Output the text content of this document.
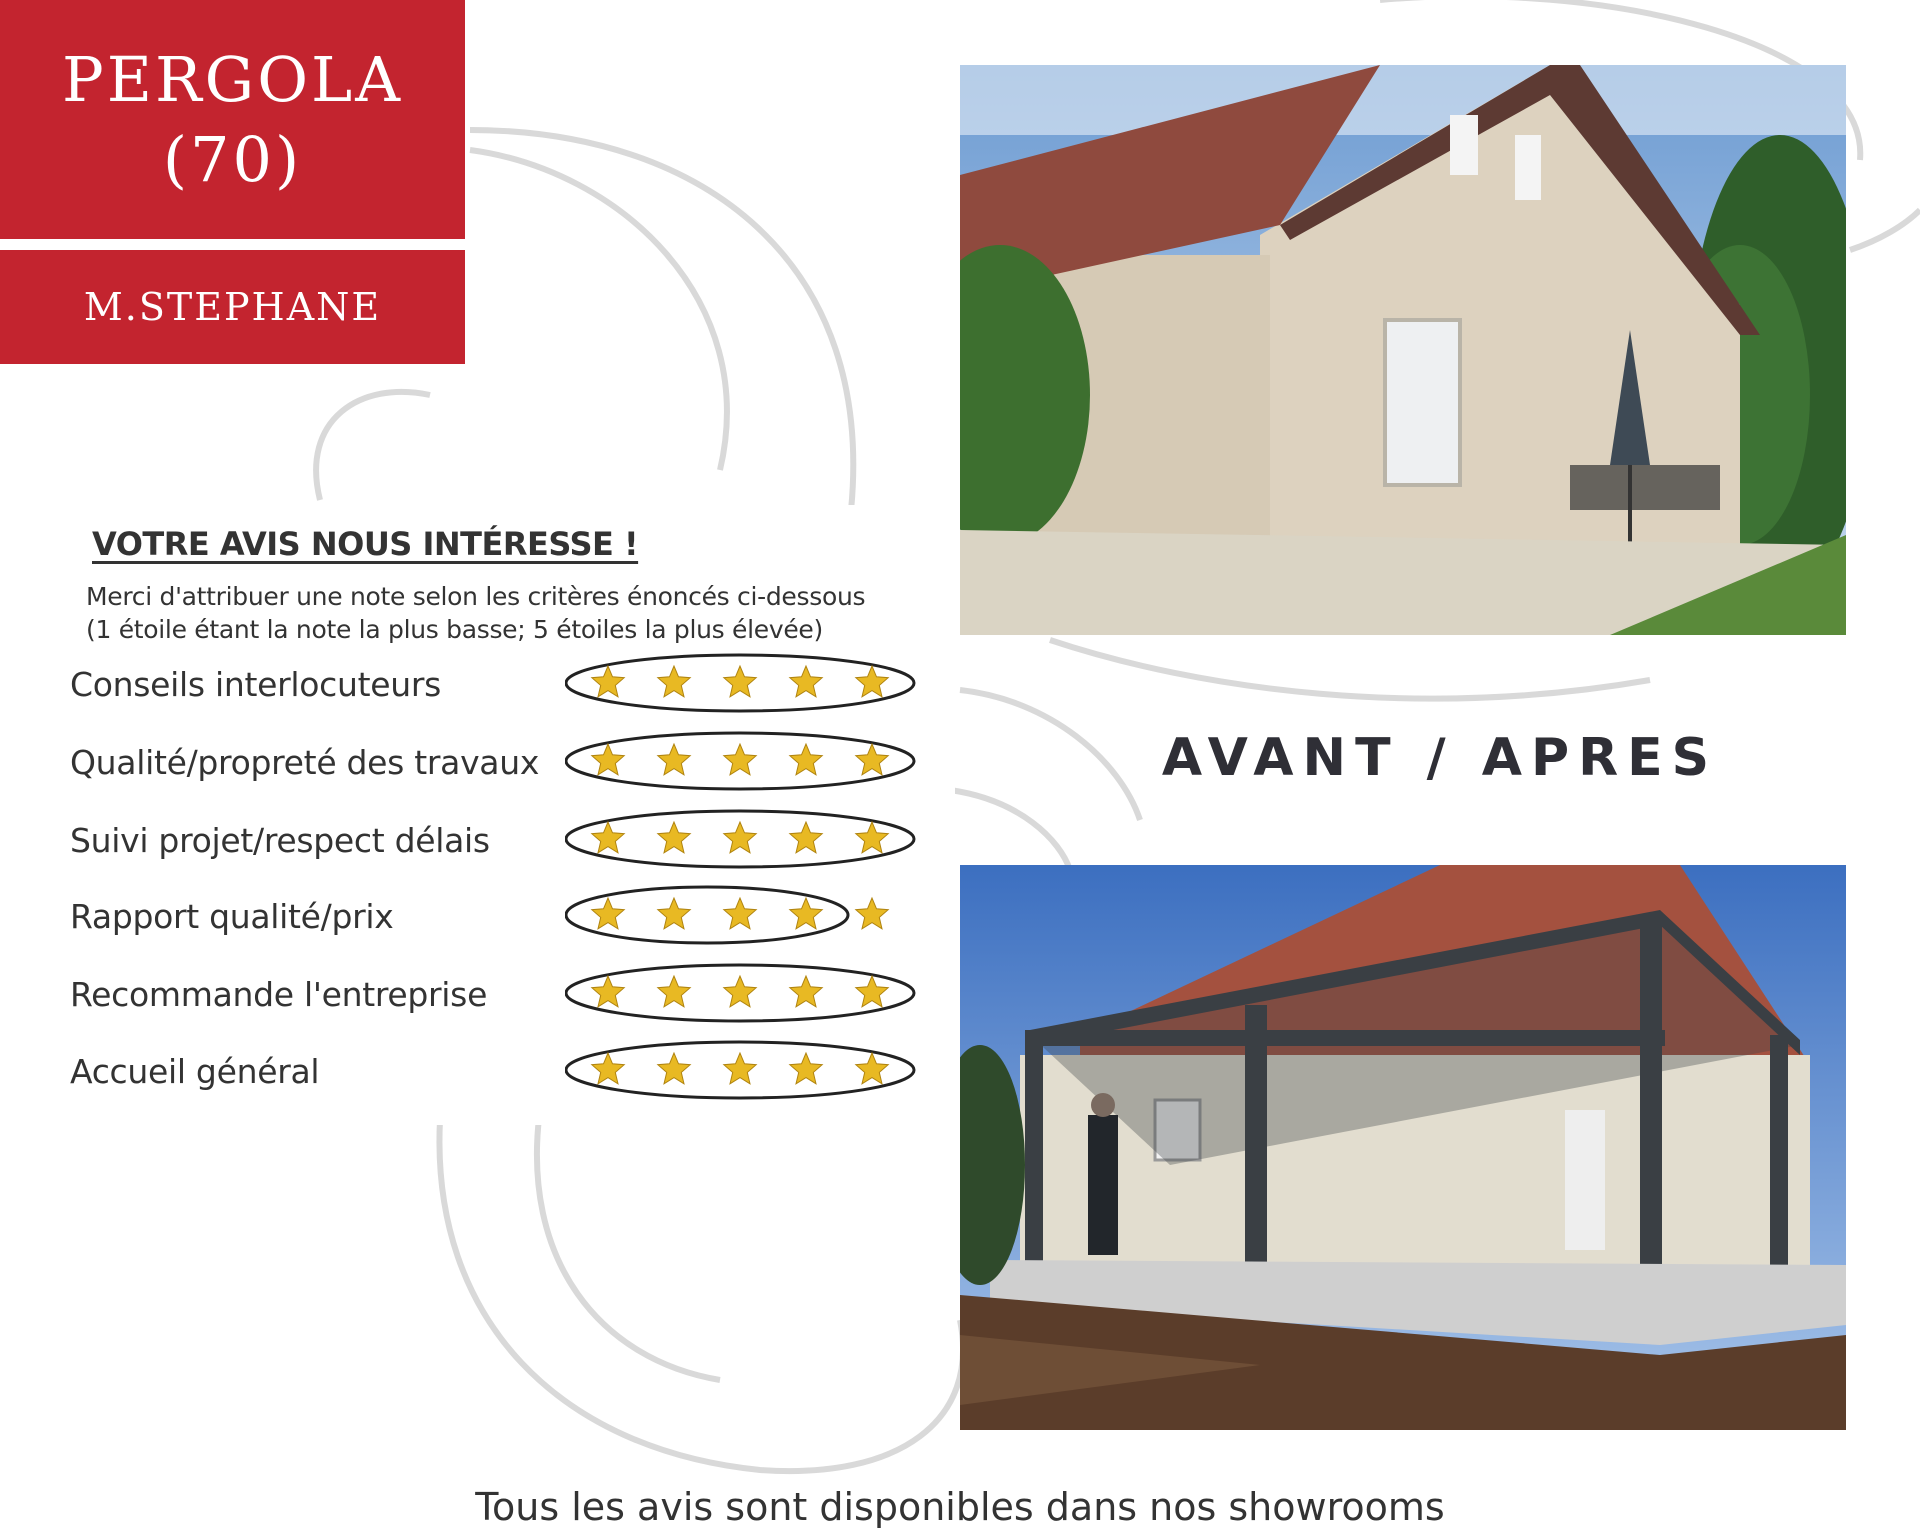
PERGOLA
(70)
M.STEPHANE
VOTRE AVIS NOUS INTÉRESSE !
Merci d'attribuer une note selon les critères énoncés ci-dessous
(1 étoile étant la note la plus basse; 5 étoiles la plus élevée)
Conseils interlocuteurs
Qualité/propreté des travaux
Suivi projet/respect délais
Rapport qualité/prix
Recommande l'entreprise
Accueil général
AVANT / APRES
Tous les avis sont disponibles dans nos showrooms
